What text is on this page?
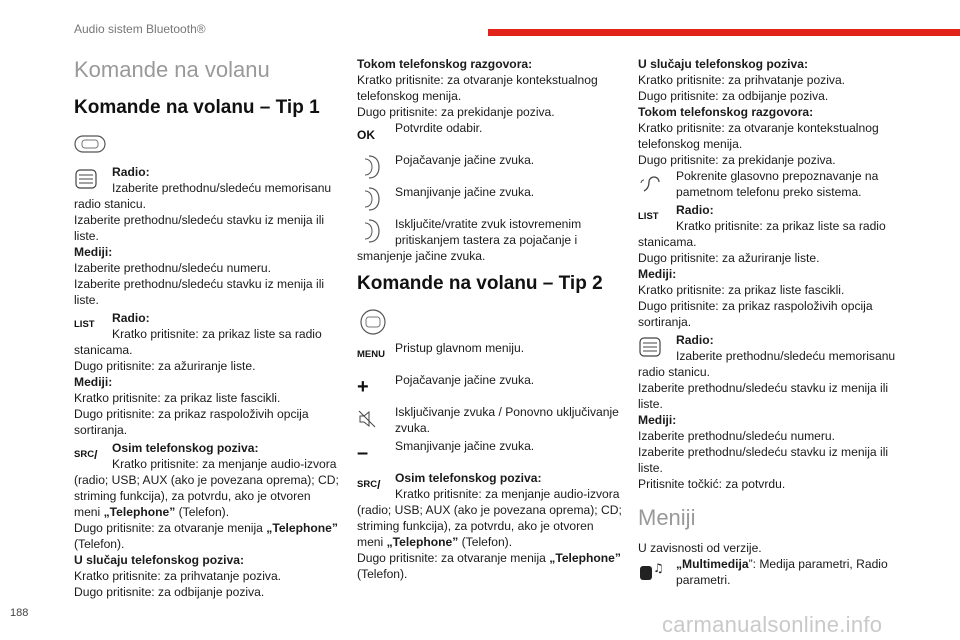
Audio sistem Bluetooth®
Komande na volanu
Komande na volanu – Tip 1

Radio:

Izaberite prethodnu/sledeću memorisanu radio stanicu.

Izaberite prethodnu/sledeću stavku iz menija ili liste.

Mediji:

Izaberite prethodnu/sledeću numeru.

Izaberite prethodnu/sledeću stavku iz menija ili liste.

LIST	Radio:

Kratko pritisnite: za prikaz liste sa radio stanicama.

Dugo pritisnite: za ažuriranje liste.

Mediji:

Kratko pritisnite: za prikaz liste fascikli.

Dugo pritisnite: za prikaz raspoloživih opcija sortiranja.

SRC /	Osim telefonskog poziva:

Kratko pritisnite: za menjanje audio-izvora (radio; USB; AUX (ako je povezana oprema); CD; striming funkcija), za potvrdu, ako je otvoren meni „Telephone” (Telefon).

Dugo pritisnite: za otvaranje menija „Telephone” (Telefon).

U slučaju telefonskog poziva:

Kratko pritisnite: za prihvatanje poziva.

Dugo pritisnite: za odbijanje poziva.

Tokom telefonskog razgovora:

Kratko pritisnite: za otvaranje kontekstualnog telefonskog menija.

Dugo pritisnite: za prekidanje poziva.

OK	Potvrdite odabir.

Pojačavanje jačine zvuka.

Smanjivanje jačine zvuka.

Isključite/vratite zvuk istovremenim pritiskanjem tastera za pojačanje i smanjenje jačine zvuka.

Komande na volanu – Tip 2
MENU Pristup glavnom meniju.

+	Pojačavanje jačine zvuka.

Isključivanje zvuka / Ponovno uključivanje zvuka.

–	Smanjivanje jačine zvuka.

SRC /	Osim telefonskog poziva:

Kratko pritisnite: za menjanje audio-izvora (radio; USB; AUX (ako je povezana oprema); CD; striming funkcija), za potvrdu, ako je otvoren meni „Telephone” (Telefon).

Dugo pritisnite: za otvaranje menija „Telephone” (Telefon).

U slučaju telefonskog poziva:

Kratko pritisnite: za prihvatanje poziva.

Dugo pritisnite: za odbijanje poziva.

Tokom telefonskog razgovora:

Kratko pritisnite: za otvaranje kontekstualnog telefonskog menija.

Dugo pritisnite: za prekidanje poziva.

Pokrenite glasovno prepoznavanje na pametnom telefonu preko sistema.

LIST	Radio:

Kratko pritisnite: za prikaz liste sa radio stanicama.

Dugo pritisnite: za ažuriranje liste.

Mediji:

Kratko pritisnite: za prikaz liste fascikli.

Dugo pritisnite: za prikaz raspoloživih opcija sortiranja.

Radio:

Izaberite prethodnu/sledeću memorisanu radio stanicu.

Izaberite prethodnu/sledeću stavku iz menija ili liste.

Mediji:

Izaberite prethodnu/sledeću numeru.

Izaberite prethodnu/sledeću stavku iz menija ili liste.

Pritisnite točkić: za potvrdu.

Meniji

U zavisnosti od verzije.

♫	„Multimedija”: Medija parametri, Radio parametri.

188	carmanualsonline.info
